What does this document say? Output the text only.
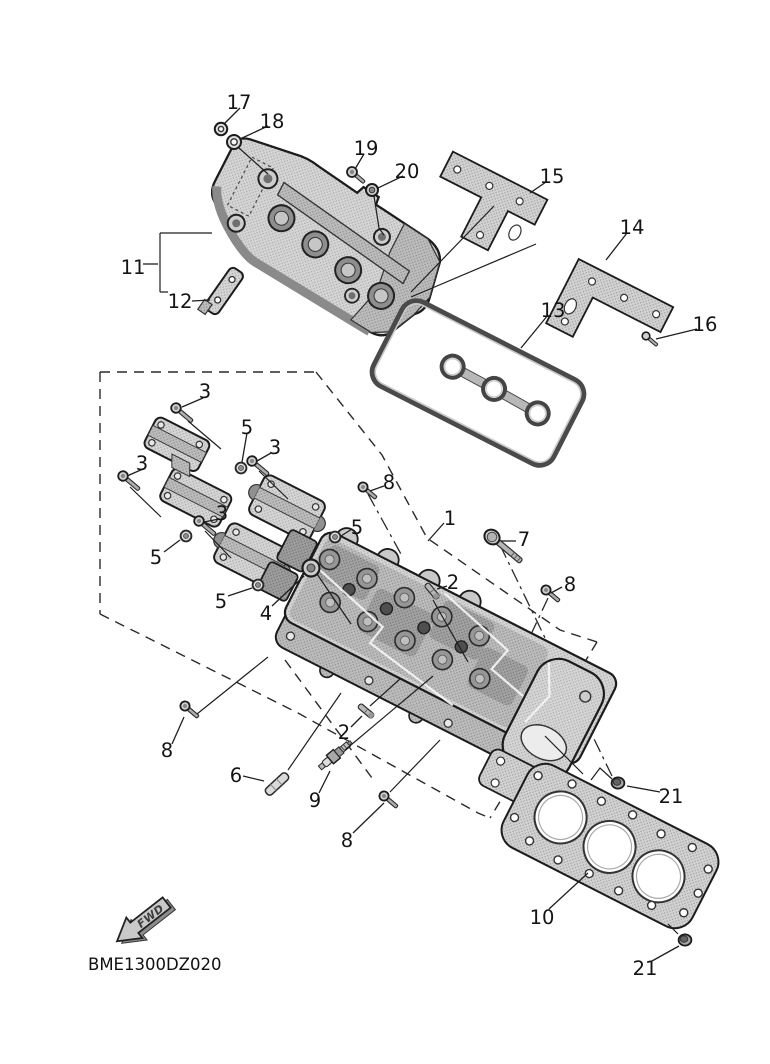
1
2
2
3
3
3
3
4
5
5
5
5
6
7
8
8
8
8
9
10
11
12	13
14
15
16
17
18
19
20
21
21
FWD
BME1300DZ020
